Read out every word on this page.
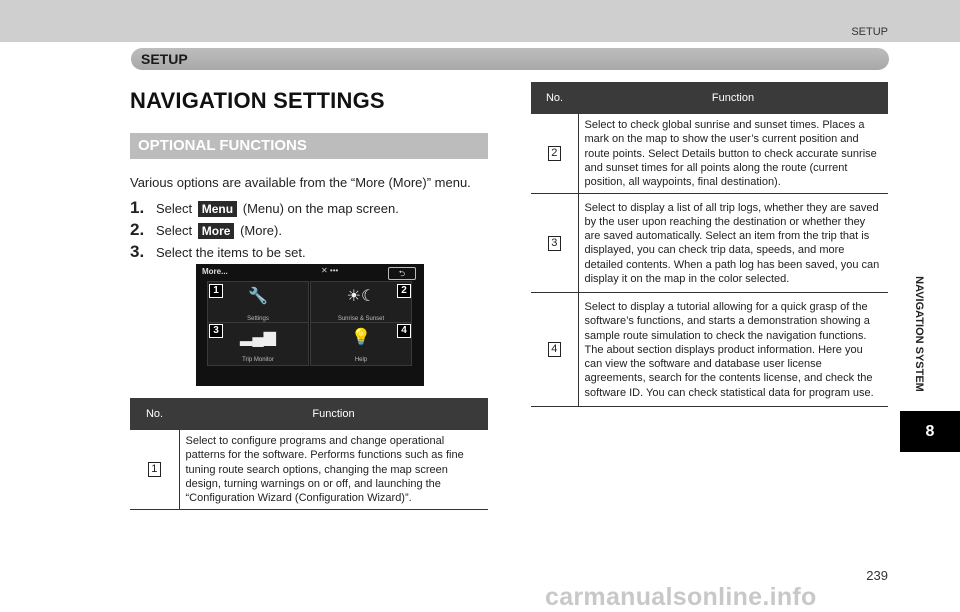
SETUP
SETUP
NAVIGATION SETTINGS
OPTIONAL FUNCTIONS
Various options are available from the “More (More)” menu.
1. Select Menu (Menu) on the map screen.
2. Select More (More).
3. Select the items to be set.
More...	✕ •••	⮌
🔧
Settings
☀☾
Sunrise & Sunset
▂▄▆
Trip Monitor
💡
Help
1	2
3	4
No.	Function
1	Select to configure programs and change operational patterns for the software. Performs functions such as fine tuning route search options, changing the map screen design, turning warnings on or off, and launching the “Configuration Wizard (Configuration Wizard)”.
No.	Function
2	Select to check global sunrise and sunset times. Places a mark on the map to show the user’s current position and route points. Select Details button to check accurate sunrise and sunset times for all points along the route (current position, all waypoints, final destination).
3	Select to display a list of all trip logs, whether they are saved by the user upon reaching the destination or whether they are saved automatically. Select an item from the trip that is displayed, you can check trip data, speeds, and more detailed contents. When a path log has been saved, you can display it on the map in the color selected.
4	Select to display a tutorial allowing for a quick grasp of the software’s functions, and starts a demonstration showing a sample route simulation to check the navigation functions. The about section displays product information. Here you can view the software and database user license agreements, search for the contents license, and check the software ID. You can check statistical data for program use.
NAVIGATION SYSTEM
8
239
carmanualsonline.info
